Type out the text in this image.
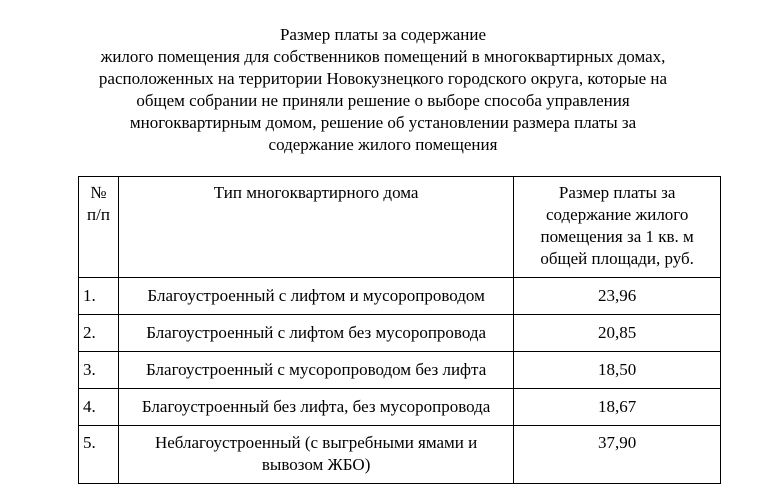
Размер платы за содержание
жилого помещения для собственников помещений в многоквартирных домах,
расположенных на территории Новокузнецкого городского округа, которые на
общем собрании не приняли решение о выборе способа управления
многоквартирным домом, решение об установлении размера платы за
содержание жилого помещения
№ п/п	Тип многоквартирного дома	Размер платы за содержание жилого помещения за 1 кв. м общей площади, руб.
1.	Благоустроенный с лифтом и мусоропроводом	23,96
2.	Благоустроенный с лифтом без мусоропровода	20,85
3.	Благоустроенный с мусоропроводом без лифта	18,50
4.	Благоустроенный без лифта, без мусоропровода	18,67
5.	Неблагоустроенный (с выгребными ямами и вывозом ЖБО)	37,90
